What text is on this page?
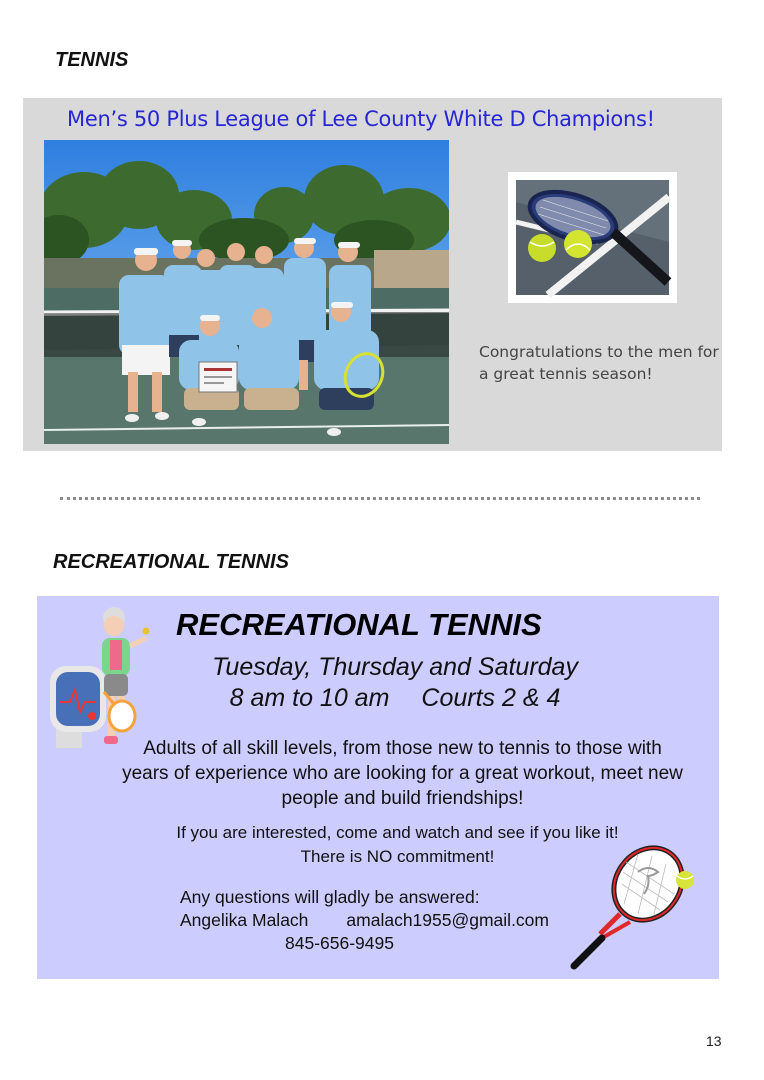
TENNIS
Men’s 50 Plus League of Lee County White D Champions!
Congratulations to the men for a great tennis season!
RECREATIONAL TENNIS
RECREATIONAL TENNIS
Tuesday, Thursday and Saturday
8 am to 10 am Courts 2 & 4
Adults of all skill levels, from those new to tennis to those with years of experience who are looking for a great workout, meet new people and build friendships!
If you are interested, come and watch and see if you like it!
There is NO commitment!
Any questions will gladly be answered:
Angelika Malach amalach1955@gmail.com
845-656-9495
13
